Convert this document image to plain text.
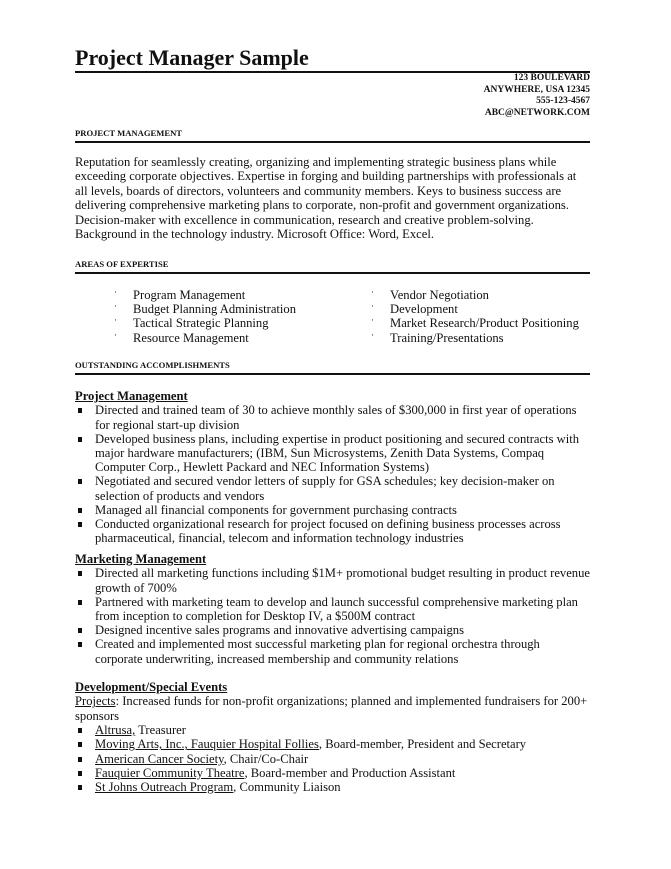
Project Manager Sample
123 BOULEVARD
ANYWHERE, USA 12345
555-123-4567
ABC@NETWORK.COM
PROJECT MANAGEMENT
Reputation for seamlessly creating, organizing and implementing strategic business plans while exceeding corporate objectives. Expertise in forging and building partnerships with professionals at all levels, boards of directors, volunteers and community members. Keys to business success are delivering comprehensive marketing plans to corporate, non-profit and government organizations. Decision-maker with excellence in communication, research and creative problem-solving. Background in the technology industry. Microsoft Office: Word, Excel.
AREAS OF EXPERTISE
· Program Management
· Budget Planning Administration
· Tactical Strategic Planning
· Resource Management
· Vendor Negotiation
· Development
· Market Research/Product Positioning
· Training/Presentations
OUTSTANDING ACCOMPLISHMENTS
Project Management
Directed and trained team of 30 to achieve monthly sales of $300,000 in first year of operations for regional start-up division
Developed business plans, including expertise in product positioning and secured contracts with major hardware manufacturers; (IBM, Sun Microsystems, Zenith Data Systems, Compaq Computer Corp., Hewlett Packard and NEC Information Systems)
Negotiated and secured vendor letters of supply for GSA schedules; key decision-maker on selection of products and vendors
Managed all financial components for government purchasing contracts
Conducted organizational research for project focused on defining business processes across pharmaceutical, financial, telecom and information technology industries
Marketing Management
Directed all marketing functions including $1M+ promotional budget resulting in product revenue growth of 700%
Partnered with marketing team to develop and launch successful comprehensive marketing plan from inception to completion for Desktop IV, a $500M contract
Designed incentive sales programs and innovative advertising campaigns
Created and implemented most successful marketing plan for regional orchestra through corporate underwriting, increased membership and community relations
Development/Special Events
Projects: Increased funds for non-profit organizations; planned and implemented fundraisers for 200+ sponsors
Altrusa, Treasurer
Moving Arts, Inc., Fauquier Hospital Follies, Board-member, President and Secretary
American Cancer Society, Chair/Co-Chair
Fauquier Community Theatre, Board-member and Production Assistant
St Johns Outreach Program, Community Liaison
